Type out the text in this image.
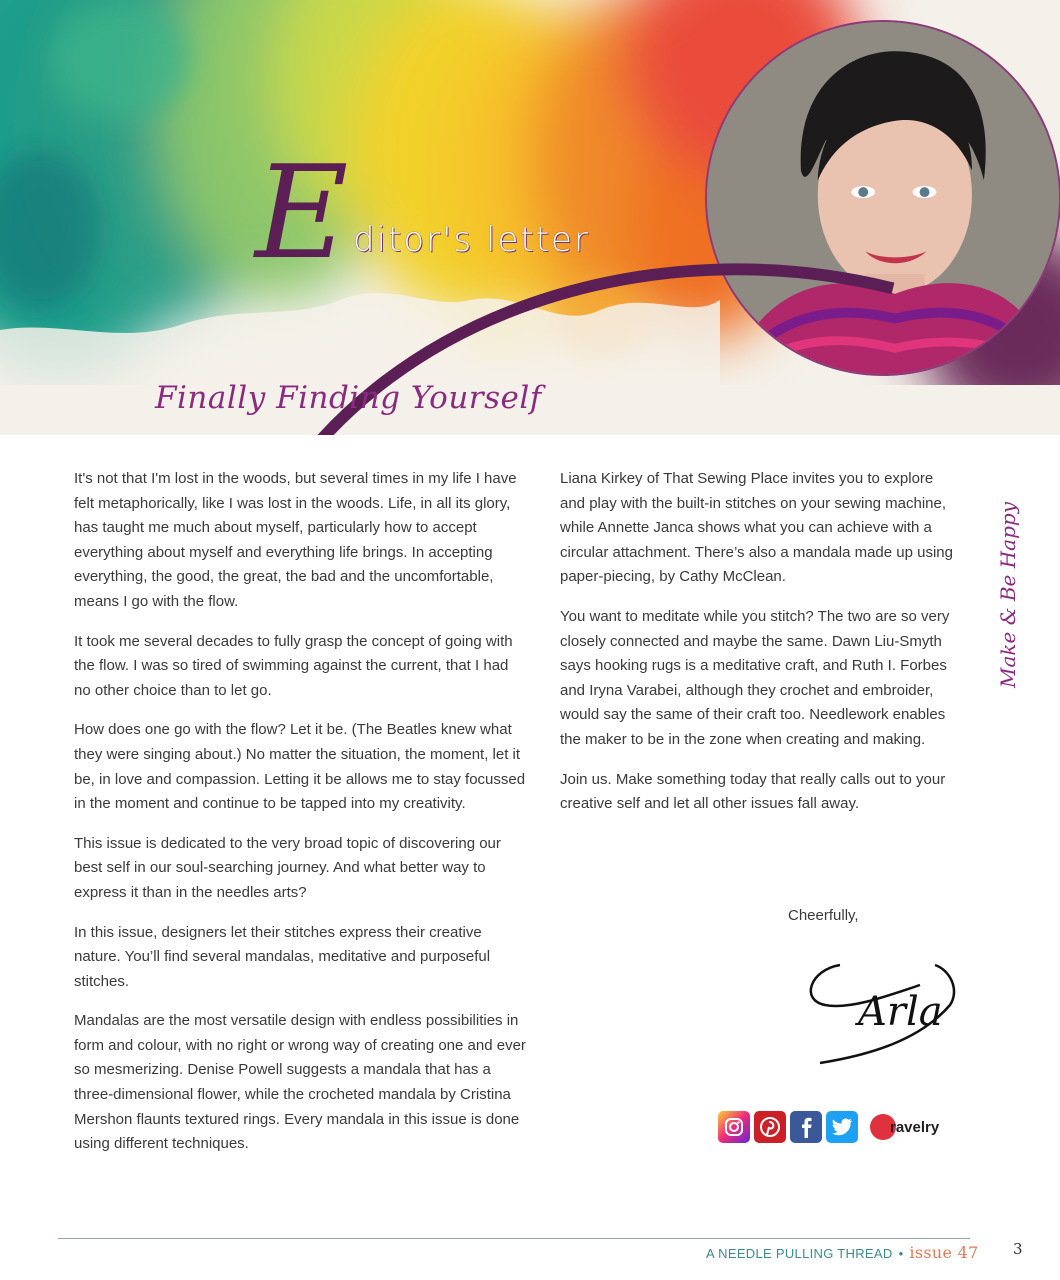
E ditor's letter
Finally Finding Yourself

It's not that I'm lost in the woods, but several times in my life I have felt metaphorically, like I was lost in the woods. Life, in all its glory, has taught me much about myself, particularly how to accept everything about myself and everything life brings. In accepting everything, the good, the great, the bad and the uncomfortable, means I go with the flow.

It took me several decades to fully grasp the concept of going with the flow. I was so tired of swimming against the current, that I had no other choice than to let go.

How does one go with the flow? Let it be. (The Beatles knew what they were singing about.) No matter the situation, the moment, let it be, in love and compassion. Letting it be allows me to stay focussed in the moment and continue to be tapped into my creativity.

This issue is dedicated to the very broad topic of discovering our best self in our soul-searching journey. And what better way to express it than in the needles arts?

In this issue, designers let their stitches express their creative nature. You’ll find several mandalas, meditative and purposeful stitches.

Mandalas are the most versatile design with endless possibilities in form and colour, with no right or wrong way of creating one and ever so mesmerizing. Denise Powell suggests a mandala that has a three-dimensional flower, while the crocheted mandala by Cristina Mershon flaunts textured rings. Every mandala in this issue is done using different techniques.

Liana Kirkey of That Sewing Place invites you to explore and play with the built-in stitches on your sewing machine, while Annette Janca shows what you can achieve with a circular attachment. There’s also a mandala made up using paper-piecing, by Cathy McClean.

You want to meditate while you stitch? The two are so very closely connected and maybe the same. Dawn Liu-Smyth says hooking rugs is a meditative craft, and Ruth I. Forbes and Iryna Varabei, although they crochet and embroider, would say the same of their craft too. Needlework enables the maker to be in the zone when creating and making.

Join us. Make something today that really calls out to your creative self and let all other issues fall away.

Make & Be Happy
Cheerfully,
Arla
ravelry
A NEEDLE PULLING THREAD • issue 47 3
